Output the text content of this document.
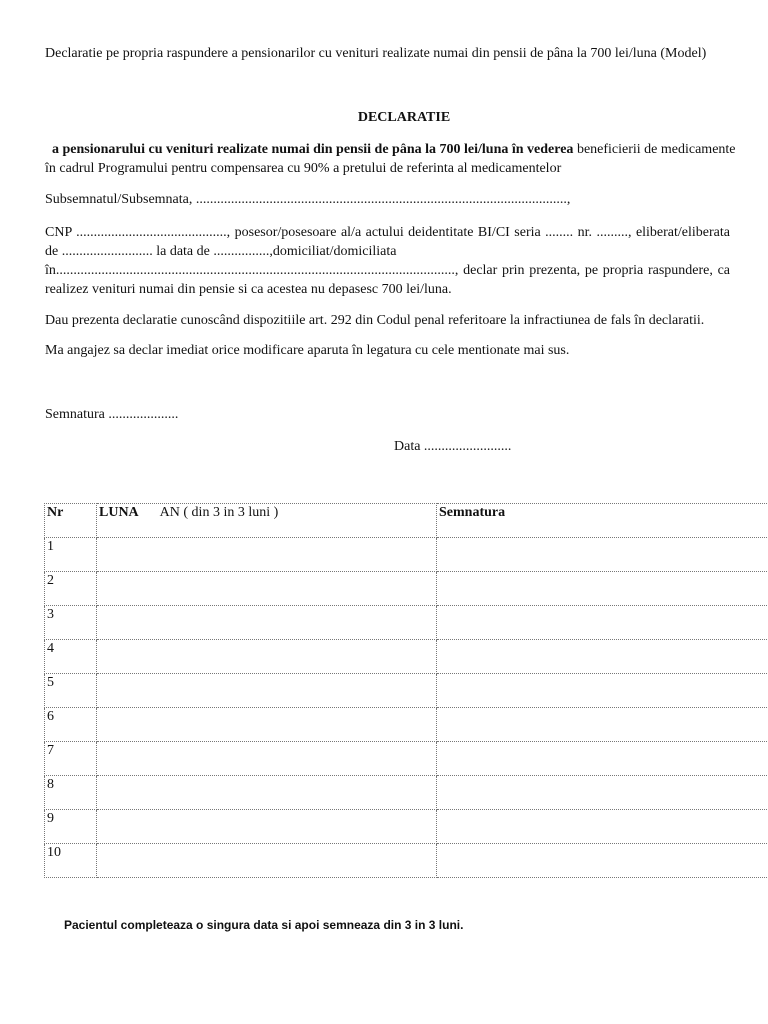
Declaratie pe propria raspundere a pensionarilor cu venituri realizate numai din pensii de pâna la 700 lei/luna (Model)

DECLARATIE

a pensionarului cu venituri realizate numai din pensii de pâna la 700 lei/luna în vederea beneficierii de medicamente în cadrul Programului pentru compensarea cu 90% a pretului de referinta al medicamentelor

Subsemnatul/Subsemnata, ..........................................................................................................,

CNP ..........................................., posesor/posesoare al/a actului deidentitate BI/CI seria ........ nr. ........., eliberat/eliberata
de .......................... la data de ................,domiciliat/domiciliata
în.................................................................................................................., declar prin prezenta, pe propria raspundere, ca
realizez venituri numai din pensie si ca acestea nu depasesc 700 lei/luna.

Dau prezenta declaratie cunoscând dispozitiile art. 292 din Codul penal referitoare la infractiunea de fals în declaratii.

Ma angajez sa declar imediat orice modificare aparuta în legatura cu cele mentionate mai sus.

Semnatura ....................

Data .........................

Nr	LUNA AN ( din 3 in 3 luni )	Semnatura
1		
2		
3		
4		
5		
6		
7		
8		
9		
10		

Pacientul completeaza o singura data si apoi semneaza din 3 in 3 luni.
